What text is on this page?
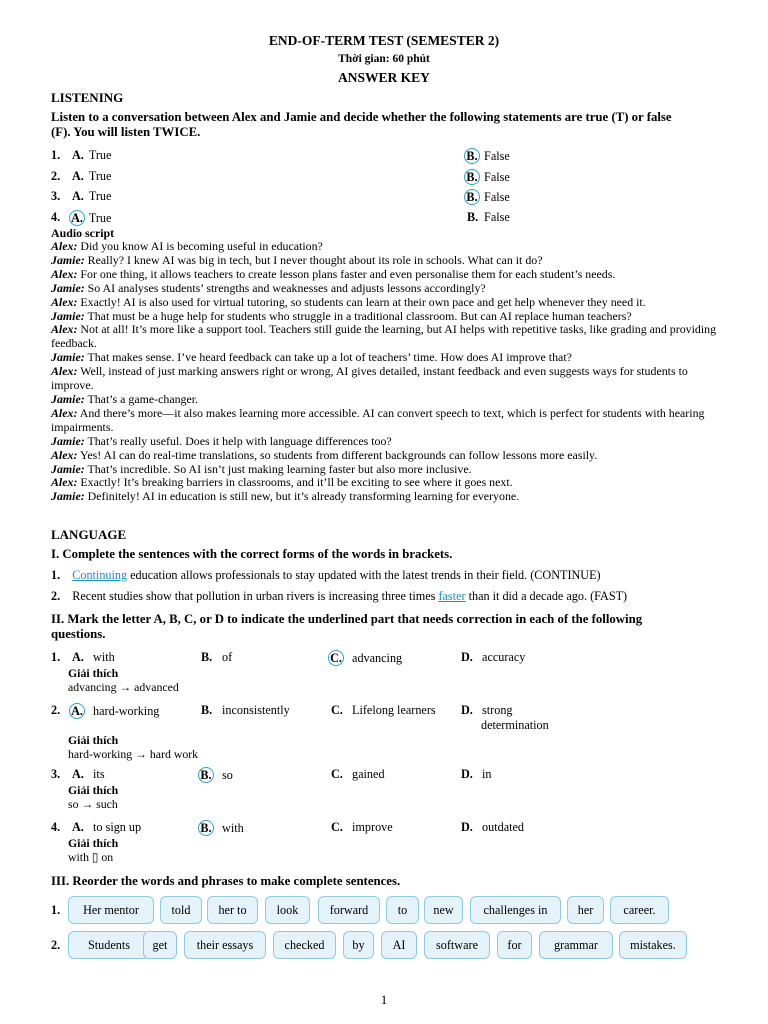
END-OF-TERM TEST (SEMESTER 2)
Thời gian: 60 phút
ANSWER KEY
LISTENING
Listen to a conversation between Alex and Jamie and decide whether the following statements are true (T) or false
(F). You will listen TWICE.
1. A. True	B. False
2. A. True	B. False
3. A. True	B. False
4. A. True	B. False
Audio script

Alex: Did you know AI is becoming useful in education?

Jamie: Really? I knew AI was big in tech, but I never thought about its role in schools. What can it do?

Alex: For one thing, it allows teachers to create lesson plans faster and even personalise them for each student’s needs.

Jamie: So AI analyses students’ strengths and weaknesses and adjusts lessons accordingly?

Alex: Exactly! AI is also used for virtual tutoring, so students can learn at their own pace and get help whenever they need it.

Jamie: That must be a huge help for students who struggle in a traditional classroom. But can AI replace human teachers?

Alex: Not at all! It’s more like a support tool. Teachers still guide the learning, but AI helps with repetitive tasks, like grading and providing feedback.

Jamie: That makes sense. I’ve heard feedback can take up a lot of teachers’ time. How does AI improve that?

Alex: Well, instead of just marking answers right or wrong, AI gives detailed, instant feedback and even suggests ways for students to improve.

Jamie: That’s a game-changer.

Alex: And there’s more—it also makes learning more accessible. AI can convert speech to text, which is perfect for students with hearing impairments.

Jamie: That’s really useful. Does it help with language differences too?

Alex: Yes! AI can do real-time translations, so students from different backgrounds can follow lessons more easily.

Jamie: That’s incredible. So AI isn’t just making learning faster but also more inclusive.

Alex: Exactly! It’s breaking barriers in classrooms, and it’ll be exciting to see where it goes next.

Jamie: Definitely! AI in education is still new, but it’s already transforming learning for everyone.

LANGUAGE
I. Complete the sentences with the correct forms of the words in brackets.
1. Continuing education allows professionals to stay updated with the latest trends in their field. (CONTINUE)
2. Recent studies show that pollution in urban rivers is increasing three times faster than it did a decade ago. (FAST)
II. Mark the letter A, B, C, or D to indicate the underlined part that needs correction in each of the following
questions.
1. A. with	B. of	C. advancing	D. accuracy
Giải thích
advancing → advanced
2. A. hard-working	B. inconsistently	C. Lifelong learners D. strong
determination
Giải thích
hard-working → hard work
3. A. its	B. so	C. gained	D. in
Giải thích
so → such
4. A. to sign up	B. with	C. improve	D. outdated
Giải thích
with ▯ on
III. Reorder the words and phrases to make complete sentences.
1.	Her mentor	told	her to	look	forward	to	new	challenges in	her	career.
2.	Students	get	their essays	checked	by	AI	software	for	grammar	mistakes.
1
